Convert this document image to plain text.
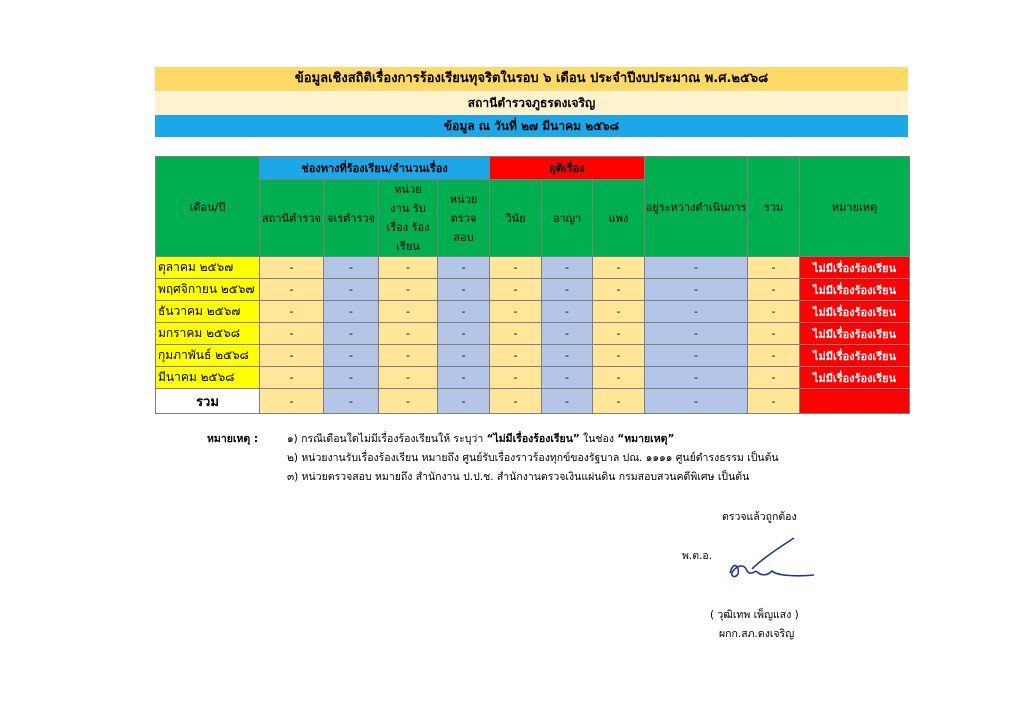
ข้อมูลเชิงสถิติเรื่องการร้องเรียนทุจริตในรอบ ๖ เดือน ประจำปีงบประมาณ พ.ศ.๒๕๖๘
สถานีตำรวจภูธรดงเจริญ
ข้อมูล ณ วันที่ ๒๗ มีนาคม ๒๕๖๘
เดือน/ปี	ช่องทางที่ร้องเรียน/จำนวนเรื่อง				ยุติเรื่อง			อยู่ระหว่างดำเนินการ	รวม	หมายเหตุ
	สถานีตำรวจ	จเรตำรวจ	หน่วยงาน รับเรื่อง ร้องเรียน	หน่วย ตรวจสอบ	วินัย	อาญา	แพ่ง			
ตุลาคม ๒๕๖๗	-	-	-	-	-	-	-	-	-	ไม่มีเรื่องร้องเรียน
พฤศจิกายน ๒๕๖๗	-	-	-	-	-	-	-	-	-	ไม่มีเรื่องร้องเรียน
ธันวาคม ๒๕๖๗	-	-	-	-	-	-	-	-	-	ไม่มีเรื่องร้องเรียน
มกราคม ๒๕๖๘	-	-	-	-	-	-	-	-	-	ไม่มีเรื่องร้องเรียน
กุมภาพันธ์ ๒๕๖๘	-	-	-	-	-	-	-	-	-	ไม่มีเรื่องร้องเรียน
มีนาคม ๒๕๖๘	-	-	-	-	-	-	-	-	-	ไม่มีเรื่องร้องเรียน
รวม	-	-	-	-	-	-	-	-	-	
หมายเหตุ :	๑) กรณีเดือนใดไม่มีเรื่องร้องเรียนให้ ระบุว่า “ไม่มีเรื่องร้องเรียน” ในช่อง “หมายเหตุ”
๒) หน่วยงานรับเรื่องร้องเรียน หมายถึง ศูนย์รับเรื่องราวร้องทุกข์ของรัฐบาล ปณ. ๑๑๑๑ ศูนย์ดำรงธรรม เป็นต้น
๓) หน่วยตรวจสอบ หมายถึง สำนักงาน ป.ป.ช. สำนักงานตรวจเงินแผ่นดิน กรมสอบสวนคดีพิเศษ เป็นต้น
ตรวจแล้วถูกต้อง
พ.ต.อ.
( วุฒิเทพ เพ็ญแสง )
ผกก.สภ.ดงเจริญ
